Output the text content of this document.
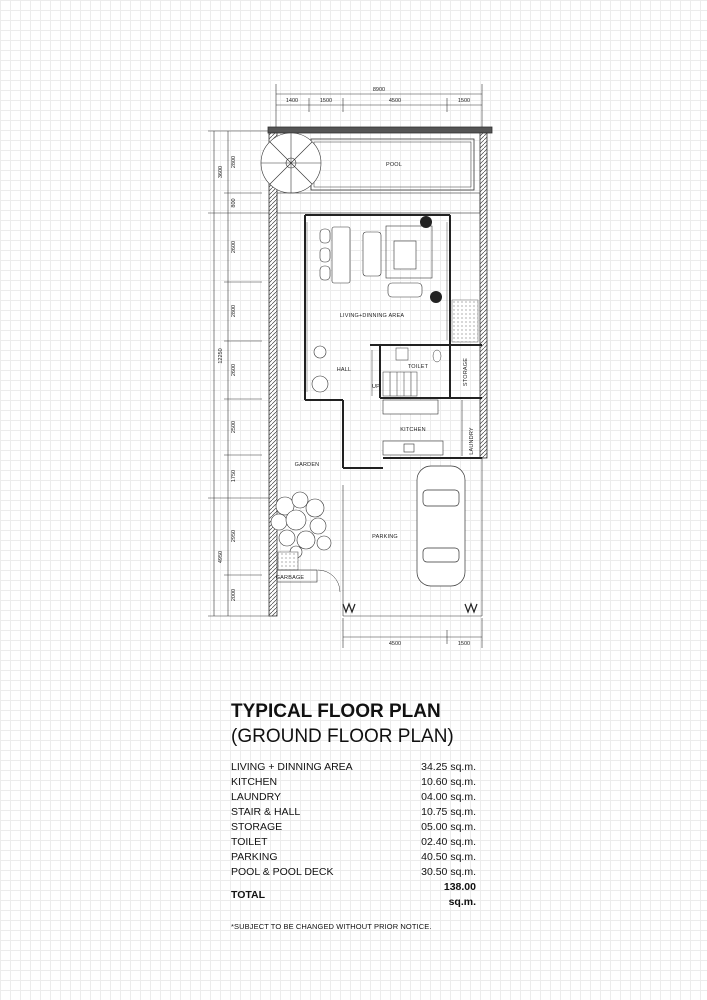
8900
1400	1500	4500	1500
3600
12250
4950
2800
800
2600
2800
2600
2500
1750
2950
2000
4500	1500
POOL
LIVING+DINNING AREA
HALL
UP
TOILET	STORAGE
KITCHEN	LAUNDRY
GARDEN
PARKING
GARBAGE
TYPICAL FLOOR PLAN
(GROUND FLOOR PLAN)
LIVING + DINNING AREA	34.25 sq.m.
KITCHEN	10.60 sq.m.
LAUNDRY	04.00 sq.m.
STAIR & HALL	10.75 sq.m.
STORAGE	05.00 sq.m.
TOILET	02.40 sq.m.
PARKING	40.50 sq.m.
POOL & POOL DECK	30.50 sq.m.
TOTAL	138.00 sq.m.
*SUBJECT TO BE CHANGED WITHOUT PRIOR NOTICE.
